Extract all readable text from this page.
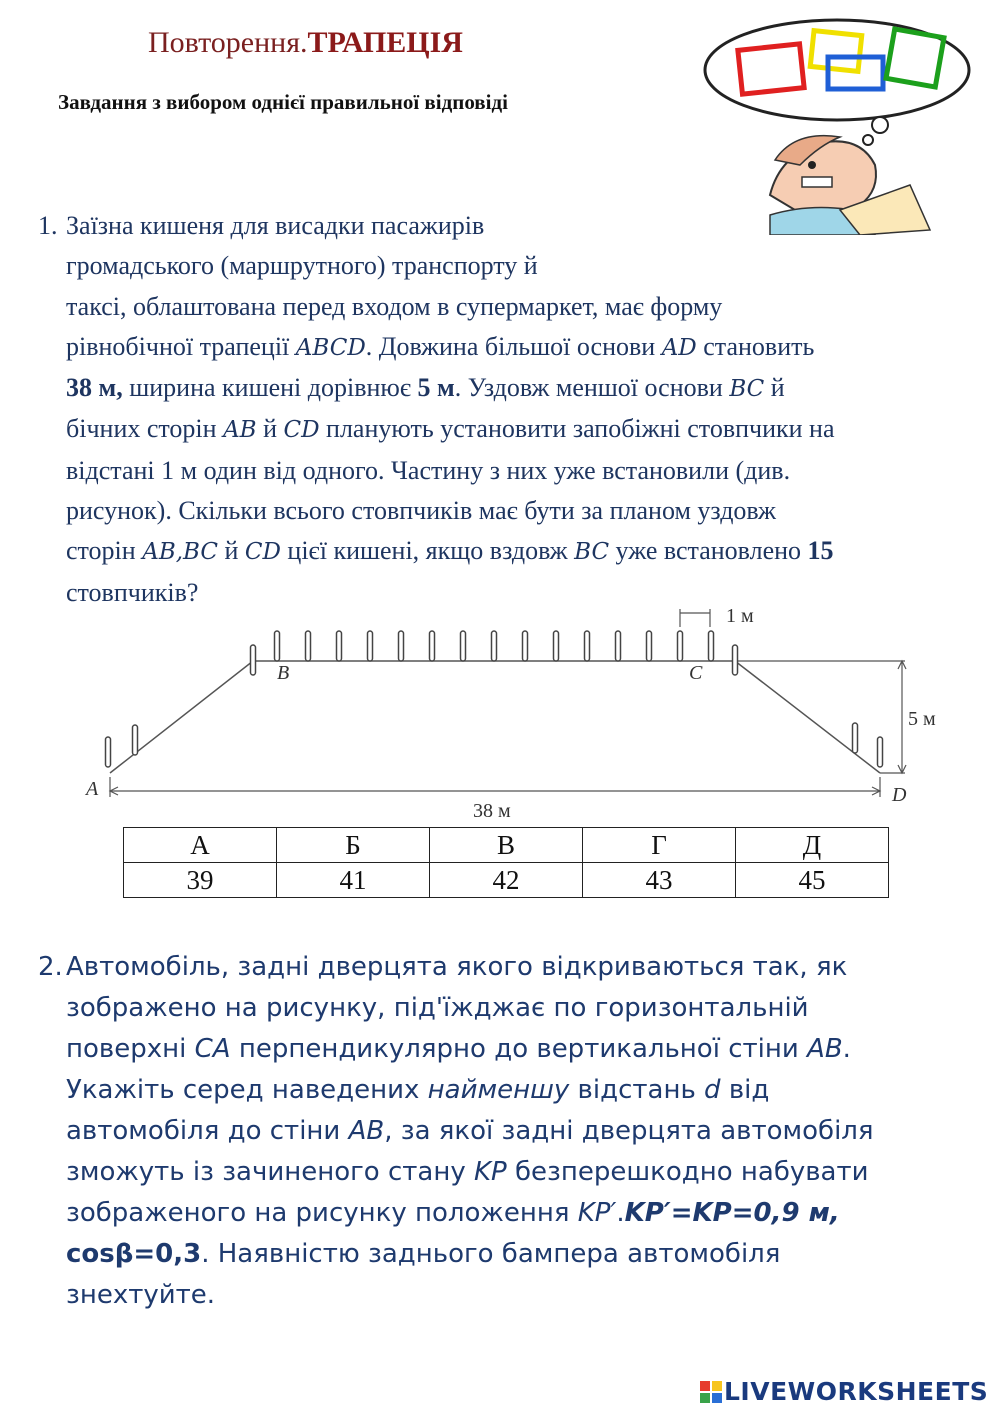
Повторення.ТРАПЕЦІЯ
Завдання з вибором однієї правильної відповіді
1. Заїзна кишеня для висадки пасажирів
громадського (маршрутного) транспорту й
таксі, облаштована перед входом в супермаркет, має форму
рівнобічної трапеції ABCD. Довжина більшої основи AD становить
38 м, ширина кишені дорівнює 5 м. Уздовж меншої основи BC й
бічних сторін AB й CD планують установити запобіжні стовпчики на
відстані 1 м один від одного. Частину з них уже встановили (див.
рисунок). Скільки всього стовпчиків має бути за планом уздовж
сторін AB,BC й CD цієї кишені, якщо вздовж BC уже встановлено 15
стовпчиків?
A
B	C
D
38 м
5 м
1 м
А	Б	В	Г	Д
39	41	42	43	45
2. Автомобіль, задні дверцята якого відкриваються так, як
зображено на рисунку, під'їжджає по горизонтальній
поверхні CA перпендикулярно до вертикальної стіни AB.
Укажіть серед наведених найменшу відстань d від
автомобіля до стіни AB, за якої задні дверцята автомобіля
зможуть із зачиненого стану KP безперешкодно набувати
зображеного на рисунку положення KP′.KP′=KP=0,9 м,
cosβ=0,3. Наявністю заднього бампера автомобіля
знехтуйте.
LIVEWORKSHEETS
